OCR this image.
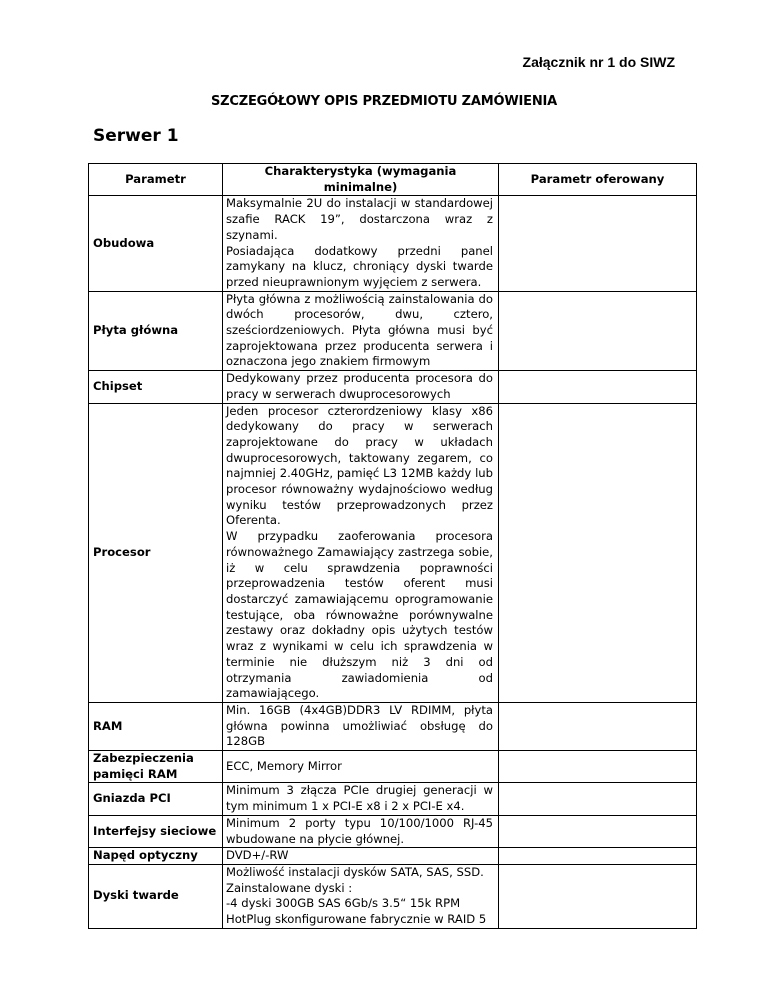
Załącznik nr 1 do SIWZ
SZCZEGÓŁOWY OPIS PRZEDMIOTU ZAMÓWIENIA
Serwer 1
Parametr	Charakterystyka (wymagania minimalne)	Parametr oferowany
Obudowa	Maksymalnie 2U do instalacji w standardowej szafie RACK 19”, dostarczona wraz z szynami.
Posiadająca dodatkowy przedni panel zamykany na klucz, chroniący dyski twarde przed nieuprawnionym wyjęciem z serwera.	

Płyta główna	Płyta główna z możliwością zainstalowania do dwóch procesorów, dwu, cztero, sześciordzeniowych. Płyta główna musi być zaprojektowana przez producenta serwera i oznaczona jego znakiem firmowym	

Chipset	Dedykowany przez producenta procesora do pracy w serwerach dwuprocesorowych	

Procesor	Jeden procesor czterordzeniowy klasy x86 dedykowany do pracy w serwerach zaprojektowane do pracy w układach dwuprocesorowych, taktowany zegarem, co najmniej 2.40GHz, pamięć L3 12MB każdy lub procesor równoważny wydajnościowo według wyniku testów przeprowadzonych przez Oferenta.
W przypadku zaoferowania procesora równoważnego Zamawiający zastrzega sobie, iż w celu sprawdzenia poprawności przeprowadzenia testów oferent musi dostarczyć zamawiającemu oprogramowanie testujące, oba równoważne porównywalne zestawy oraz dokładny opis użytych testów wraz z wynikami w celu ich sprawdzenia w terminie nie dłuższym niż 3 dni od otrzymania zawiadomienia od zamawiającego.	

RAM	Min. 16GB (4x4GB)DDR3 LV RDIMM, płyta główna powinna umożliwiać obsługę do 128GB	

Zabezpieczenia pamięci RAM	ECC, Memory Mirror	

Gniazda PCI	Minimum 3 złącza PCIe drugiej generacji w tym minimum 1 x PCI-E x8 i 2 x PCI-E x4.	

Interfejsy sieciowe	Minimum 2 porty typu 10/100/1000 RJ-45 wbudowane na płycie głównej.	

Napęd optyczny	DVD+/-RW	

Dyski twarde	Możliwość instalacji dysków SATA, SAS, SSD.
Zainstalowane dyski :
-4 dyski 300GB SAS 6Gb/s 3.5“ 15k RPM HotPlug skonfigurowane fabrycznie w RAID 5	
